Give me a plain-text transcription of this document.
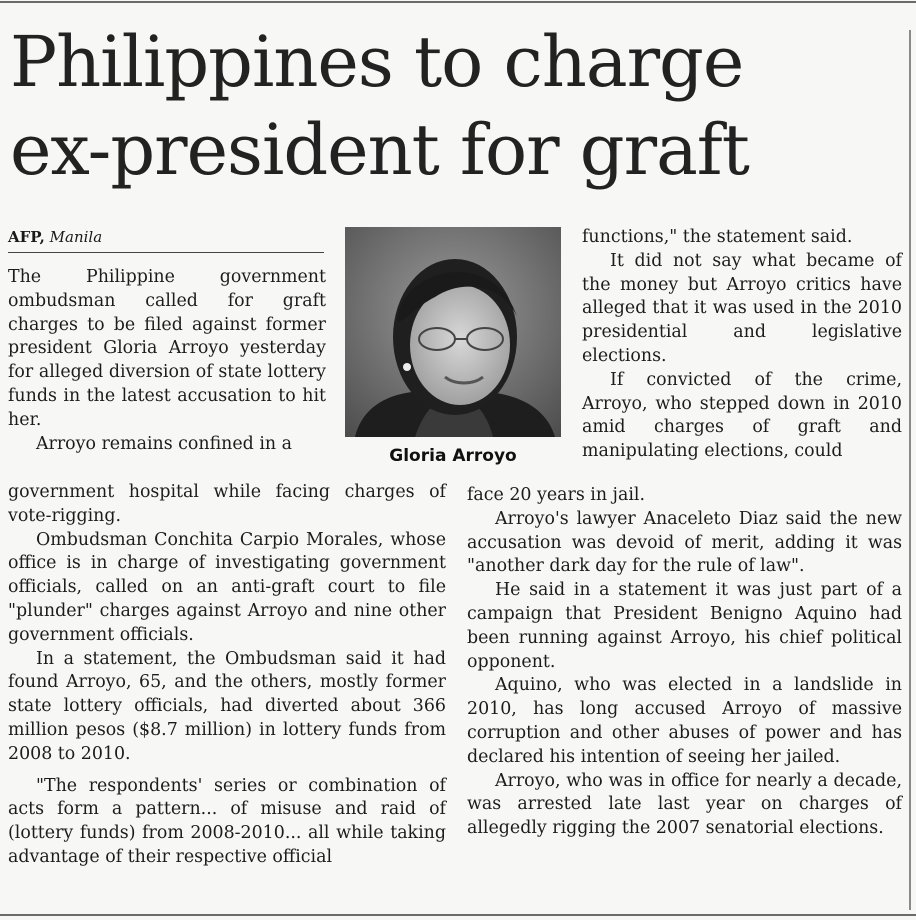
Philippines to charge
ex-president for graft
AFP, Manila

The Philippine government ombudsman called for graft charges to be filed against former president Gloria Arroyo yesterday for alleged diversion of state lottery funds in the latest accusation to hit her.

Arroyo remains confined in a

Gloria Arroyo

government hospital while facing charges of vote-rigging.

Ombudsman Conchita Carpio Morales, whose office is in charge of investigating government officials, called on an anti-graft court to file "plunder" charges against Arroyo and nine other government officials.

In a statement, the Ombudsman said it had found Arroyo, 65, and the others, mostly former state lottery officials, had diverted about 366 million pesos ($8.7 million) in lottery funds from 2008 to 2010.

"The respondents' series or combination of acts form a pattern... of misuse and raid of (lottery funds) from 2008-2010... all while taking advantage of their respective official

functions," the statement said.

It did not say what became of the money but Arroyo critics have alleged that it was used in the 2010 presidential and legislative elections.

If convicted of the crime, Arroyo, who stepped down in 2010 amid charges of graft and manipulating elections, could

face 20 years in jail.

Arroyo's lawyer Anaceleto Diaz said the new accusation was devoid of merit, adding it was "another dark day for the rule of law".

He said in a statement it was just part of a campaign that President Benigno Aquino had been running against Arroyo, his chief political opponent.

Aquino, who was elected in a landslide in 2010, has long accused Arroyo of massive corruption and other abuses of power and has declared his intention of seeing her jailed.

Arroyo, who was in office for nearly a decade, was arrested late last year on charges of allegedly rigging the 2007 senatorial elections.
